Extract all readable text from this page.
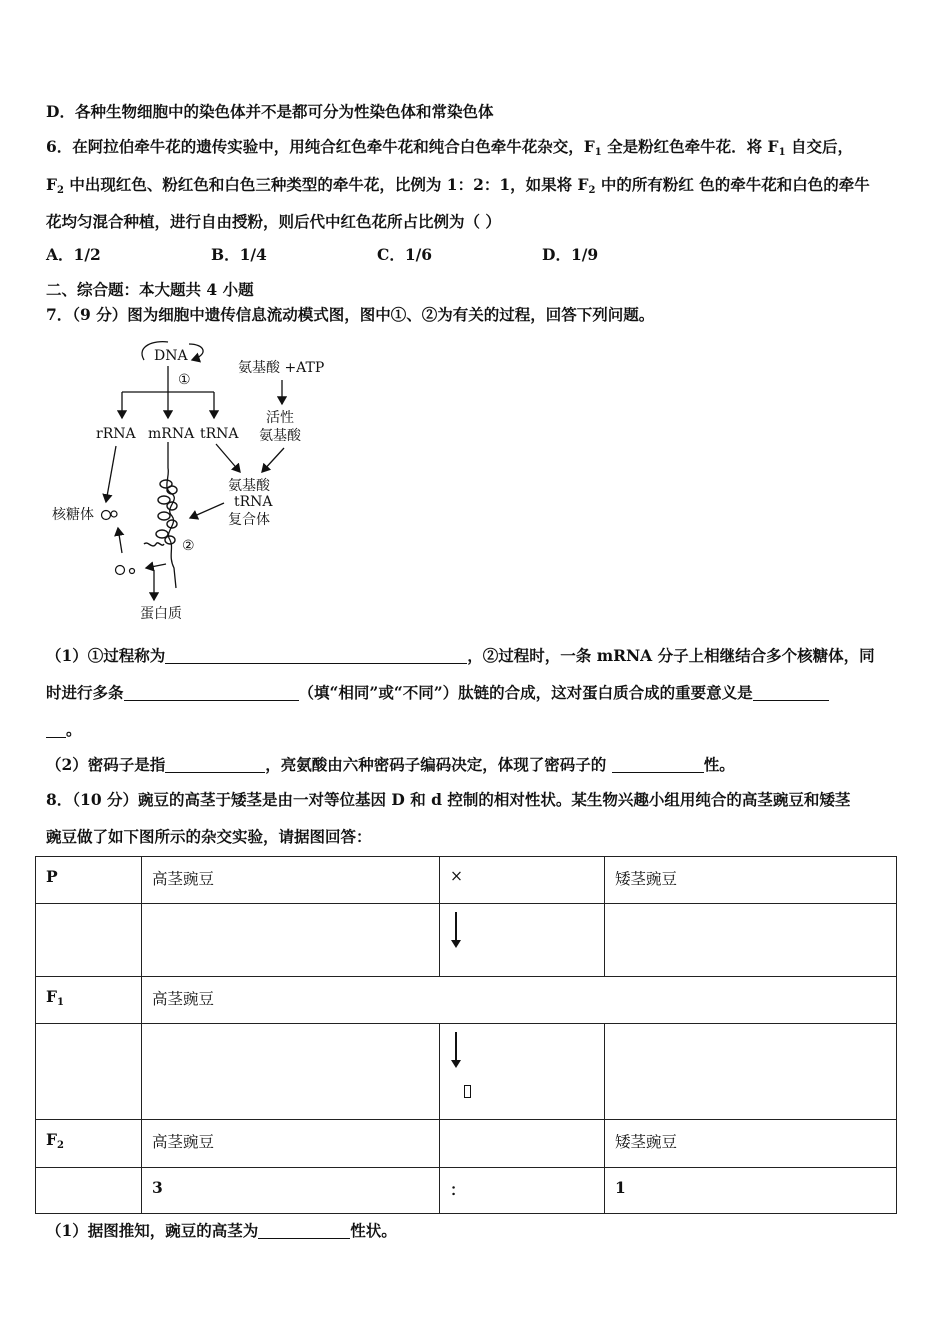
D．各种生物细胞中的染色体并不是都可分为性染色体和常染色体
6．在阿拉伯牵牛花的遗传实验中，用纯合红色牵牛花和纯合白色牵牛花杂交，$F_1$ 全是粉红色牵牛花．将 $F_1$ 自交后，
$F_2$ 中出现红色、粉红色和白色三种类型的牵牛花，比例为 1：2：1，如果将 $F_2$ 中的所有粉红 色的牵牛花和白色的牵牛
花均匀混合种植，进行自由授粉，则后代中红色花所占比例为（ ）
A．1/2	B．1/4	C．1/6	D．1/9
二、综合题：本大题共 4 小题
7．（9 分）图为细胞中遗传信息流动模式图，图中①、②为有关的过程，回答下列问题。
DNA
①
氨基酸 +ATP
活性
氨基酸
rRNA mRNA tRNA
氨基酸
tRNA
复合体
核糖体
②
蛋白质
（1）①过程称为	，②过程时，一条 mRNA 分子上相继结合多个核糖体，同
时进行多条	（填“相同”或“不同”）肽链的合成，这对蛋白质合成的重要意义是
。
（2）密码子是指	，亮氨酸由六种密码子编码决定，体现了密码子的	性。
8．（10 分）豌豆的高茎于矮茎是由一对等位基因 D 和 d 控制的相对性状。某生物兴趣小组用纯合的高茎豌豆和矮茎
豌豆做了如下图所示的杂交实验，请据图回答：
P	高茎豌豆	×	矮茎豌豆

$F_1$	高茎豌豆		

$F_2$	高茎豌豆		矮茎豌豆
	3	：	1
（1）据图推知，豌豆的高茎为	性状。
